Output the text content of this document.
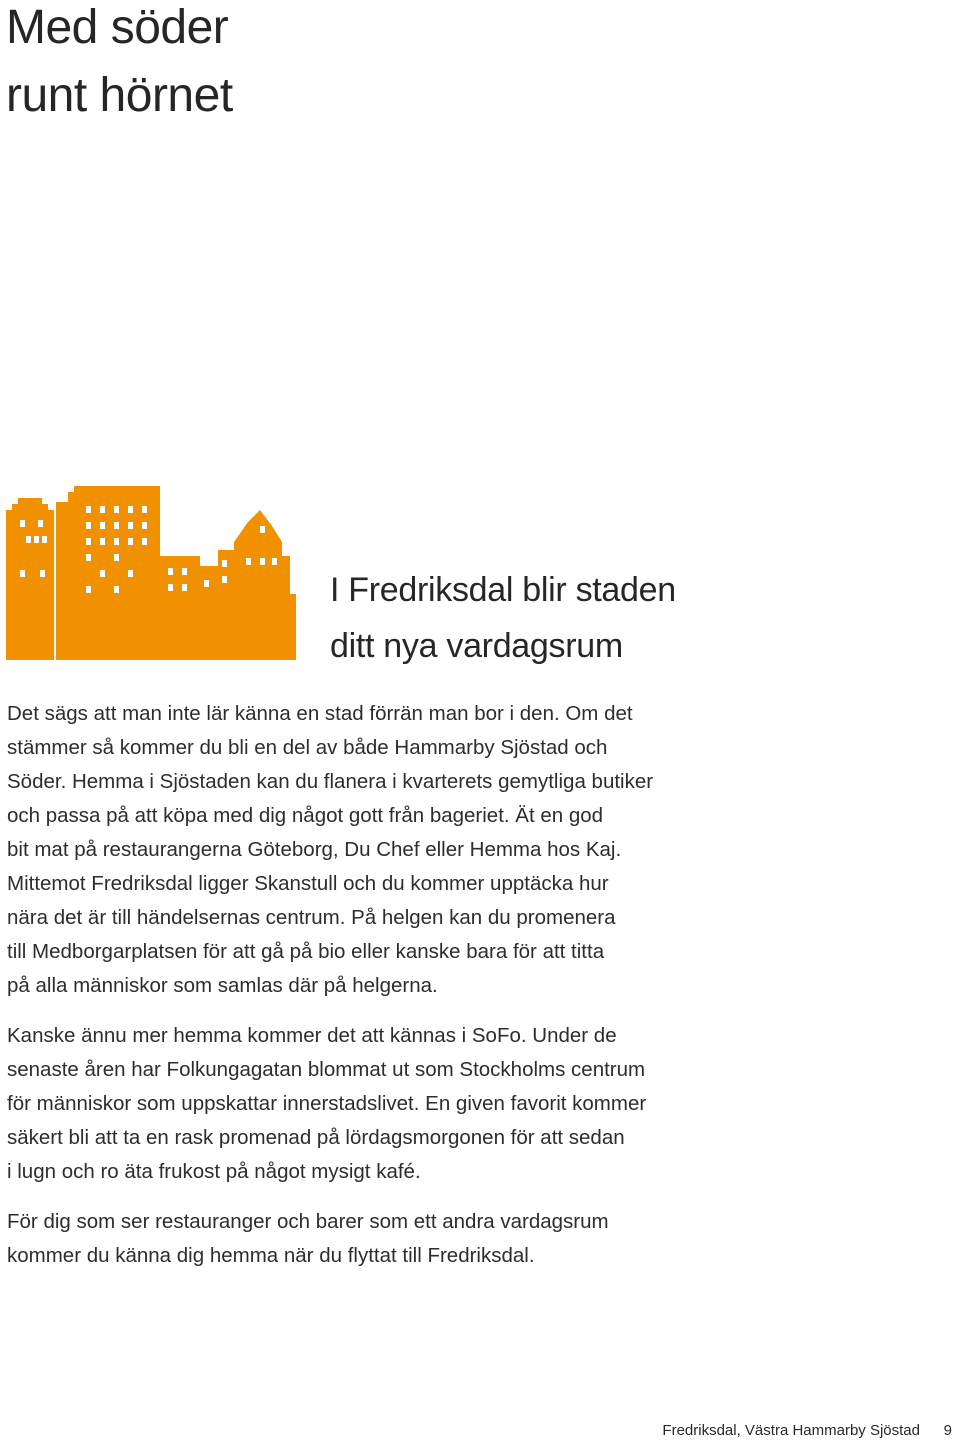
Med söder
runt hörnet
I Fredriksdal blir staden
ditt nya vardagsrum

Det sägs att man inte lär känna en stad förrän man bor i den. Om det
stämmer så kommer du bli en del av både Hammarby Sjöstad och
Söder. Hemma i Sjöstaden kan du flanera i kvarterets gemytliga butiker
och passa på att köpa med dig något gott från bageriet. Ät en god
bit mat på restaurangerna Göteborg, Du Chef eller Hemma hos Kaj.
Mittemot Fredriksdal ligger Skanstull och du kommer upptäcka hur
nära det är till händelsernas centrum. På helgen kan du promenera
till Medborgarplatsen för att gå på bio eller kanske bara för att titta
på alla människor som samlas där på helgerna.

Kanske ännu mer hemma kommer det att kännas i SoFo. Under de
senaste åren har Folkungagatan blommat ut som Stockholms centrum
för människor som uppskattar innerstadslivet. En given favorit kommer
säkert bli att ta en rask promenad på lördagsmorgonen för att sedan
i lugn och ro äta frukost på något mysigt kafé.

För dig som ser restauranger och barer som ett andra vardagsrum
kommer du känna dig hemma när du flyttat till Fredriksdal.

Fredriksdal, Västra Hammarby Sjöstad 9
